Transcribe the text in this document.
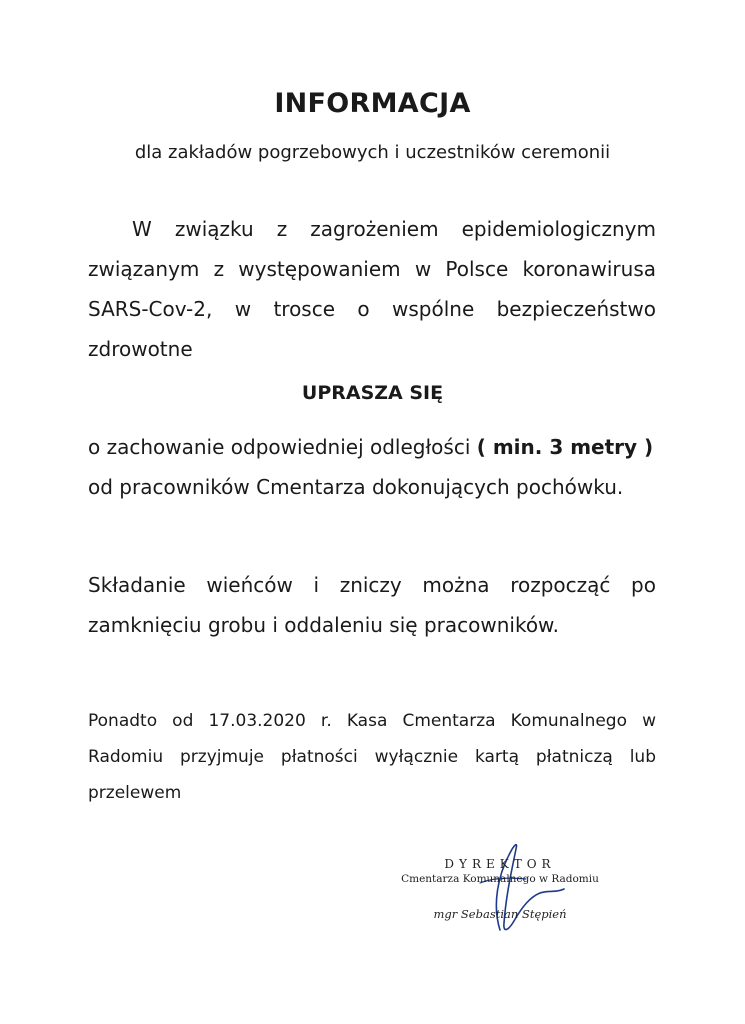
INFORMACJA
dla zakładów pogrzebowych i uczestników ceremonii
W związku z zagrożeniem epidemiologicznym związanym z występowaniem w Polsce koronawirusa SARS-Cov-2, w trosce o wspólne bezpieczeństwo zdrowotne
UPRASZA SIĘ
o zachowanie odpowiedniej odległości ( min. 3 metry ) od pracowników Cmentarza dokonujących pochówku.
Składanie wieńców i zniczy można rozpocząć po zamknięciu grobu i oddaleniu się pracowników.
Ponadto od 17.03.2020 r. Kasa Cmentarza Komunalnego w Radomiu przyjmuje płatności wyłącznie kartą płatniczą lub przelewem
DYREKTOR
Cmentarza Komunalnego w Radomiu
mgr Sebastian Stępień
